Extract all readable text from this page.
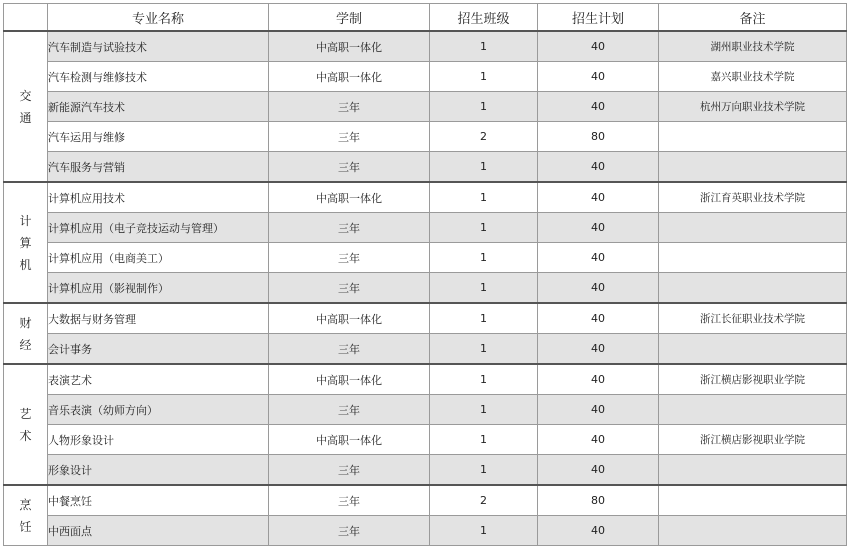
	专业名称	学制	招生班级	招生计划	备注

交
通	汽车制造与试验技术	中高职一体化	1	40	湖州职业技术学院
	汽车检测与维修技术	中高职一体化	1	40	嘉兴职业技术学院
	新能源汽车技术	三年	1	40	杭州万向职业技术学院
	汽车运用与维修	三年	2	80	
	汽车服务与营销	三年	1	40	

计
算
机	计算机应用技术	中高职一体化	1	40	浙江育英职业技术学院
	计算机应用（电子竞技运动与管理）	三年	1	40	
	计算机应用（电商美工）	三年	1	40	
	计算机应用（影视制作）	三年	1	40	

财
经	大数据与财务管理	中高职一体化	1	40	浙江长征职业技术学院
	会计事务	三年	1	40	

艺
术	表演艺术	中高职一体化	1	40	浙江横店影视职业学院
	音乐表演（幼师方向）	三年	1	40	
	人物形象设计	中高职一体化	1	40	浙江横店影视职业学院
	形象设计	三年	1	40	

烹
饪	中餐烹饪	三年	2	80	
	中西面点	三年	1	40	
